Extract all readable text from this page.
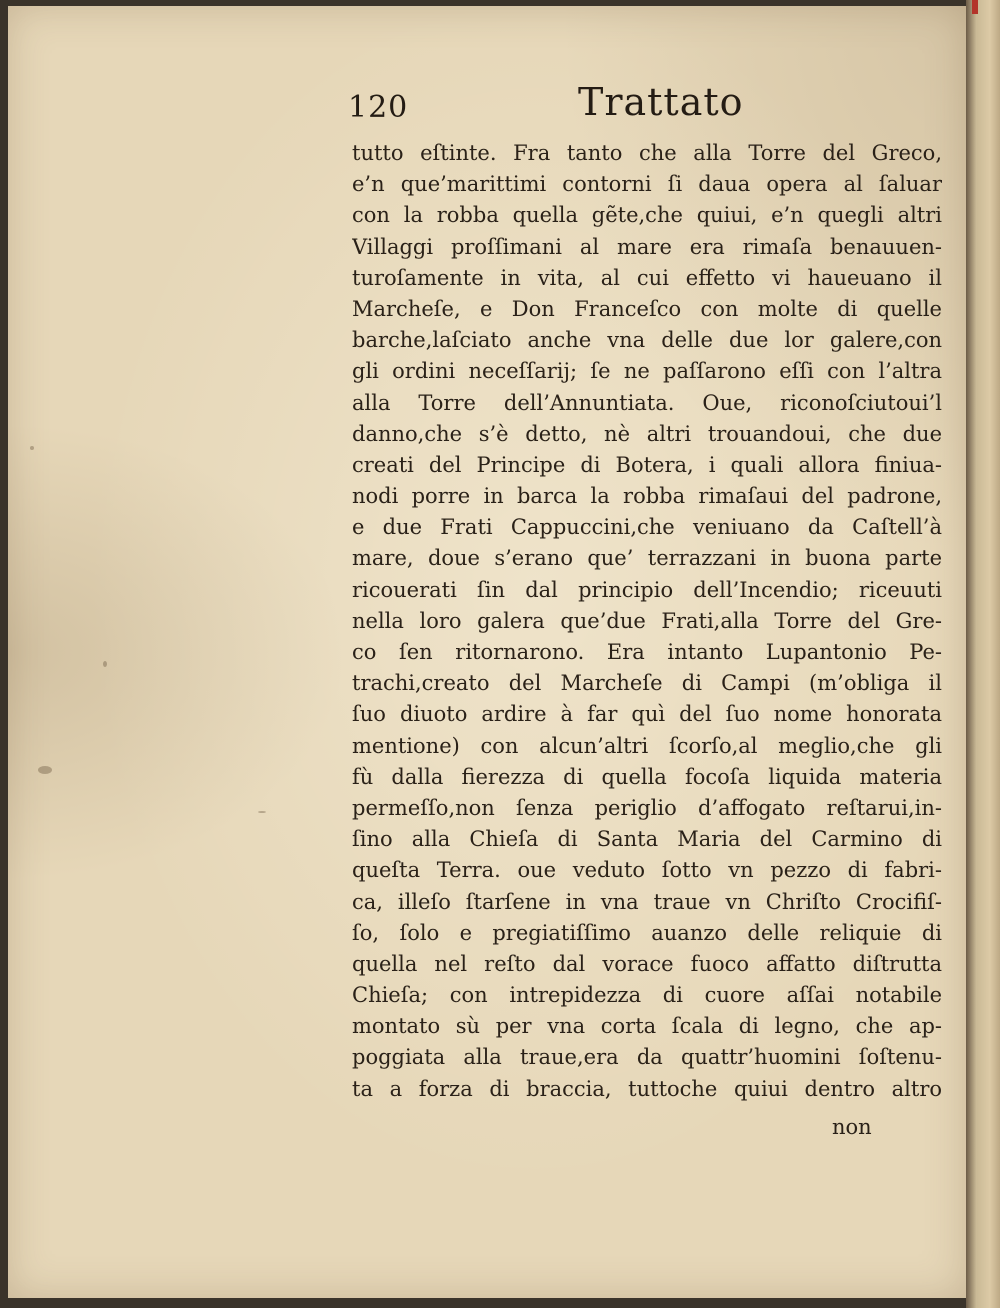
120	Trattato
tutto eſtinte. Fra tanto che alla Torre del Greco,
e’n que’marittimi contorni ſi daua opera al ſaluar
con la robba quella gẽte,che quiui, e’n quegli altri
Villaggi proſſimani al mare era rimaſa benauuen-
turoſamente in vita, al cui effetto vi haueuano il
Marcheſe, e Don Franceſco con molte di quelle
barche,laſciato anche vna delle due lor galere,con
gli ordini neceſſarij; ſe ne paſſarono eſſi con l’altra
alla Torre dell’Annuntiata. Oue, riconoſciutoui’l
danno,che s’è detto, nè altri trouandoui, che due
creati del Principe di Botera, i quali allora finiua-
nodi porre in barca la robba rimaſaui del padrone,
e due Frati Cappuccini,che veniuano da Caſtell’à
mare, doue s’erano que’ terrazzani in buona parte
ricouerati ſin dal principio dell’Incendio; riceuuti
nella loro galera que’due Frati,alla Torre del Gre-
co ſen ritornarono. Era intanto Lupantonio Pe-
trachi,creato del Marcheſe di Campi (m’obliga il
ſuo diuoto ardire à far quì del ſuo nome honorata
mentione) con alcun’altri ſcorſo,al meglio,che gli
fù dalla fierezza di quella focoſa liquida materia
permeſſo,non ſenza periglio d’affogato reſtarui,in-
ſino alla Chieſa di Santa Maria del Carmino di
queſta Terra. oue veduto ſotto vn pezzo di fabri-
ca, illeſo ſtarſene in vna traue vn Chriſto Crocifiſ-
ſo, ſolo e pregiatiſſimo auanzo delle reliquie di
quella nel reſto dal vorace fuoco affatto diſtrutta
Chieſa; con intrepidezza di cuore aſſai notabile
montato sù per vna corta ſcala di legno, che ap-
poggiata alla traue,era da quattr’huomini ſoſtenu-
ta a forza di braccia, tuttoche quiui dentro altro
non
